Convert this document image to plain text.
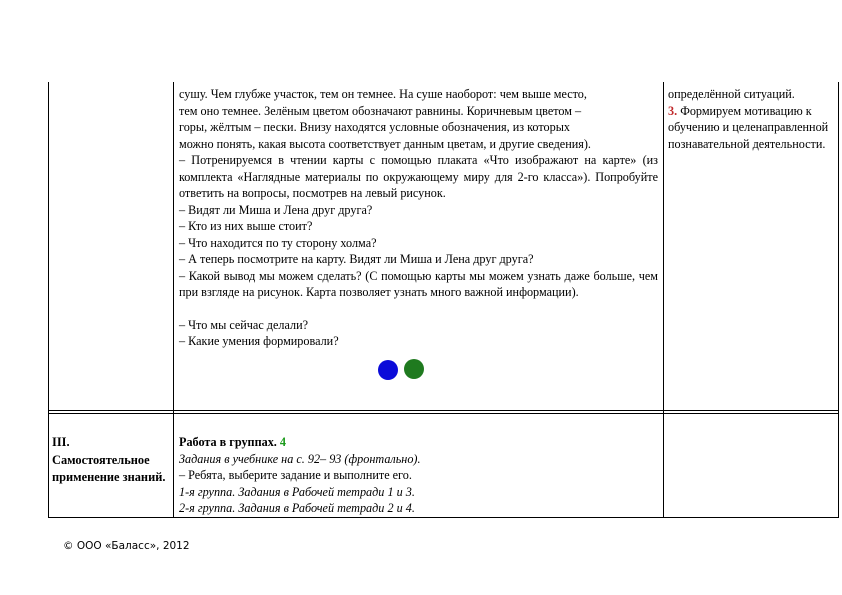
сушу. Чем глубже участок, тем он темнее. На суше наоборот: чем выше место,

тем оно темнее. Зелёным цветом обозначают равнины. Коричневым цветом –

горы, жёлтым – пески. Внизу находятся условные обозначения, из которых

можно понять, какая высота соответствует данным цветам, и другие сведения).

– Потренируемся в чтении карты с помощью плаката «Что изображают на карте» (из комплекта «Наглядные материалы по окружающему миру для 2-го класса»). Попробуйте ответить на вопросы, посмотрев на левый рисунок.

– Видят ли Миша и Лена друг друга?

– Кто из них выше стоит?

– Что находится по ту сторону холма?

– А теперь посмотрите на карту. Видят ли Миша и Лена друг друга?

– Какой вывод мы можем сделать? (С помощью карты мы можем узнать даже больше, чем при взгляде на рисунок. Карта позволяет узнать много важной информации).

– Что мы сейчас делали?

– Какие умения формировали?

определённой ситуаций.

3. Формируем мотивацию к обучению и целенаправленной познавательной деятельности.

III. Самостоятельное применение знаний.

Работа в группах. 4

Задания в учебнике на с. 92– 93 (фронтально).

– Ребята, выберите задание и выполните его.

1-я группа. Задания в Рабочей тетради 1 и 3.

2-я группа. Задания в Рабочей тетради 2 и 4.

© ООО «Баласс», 2012
